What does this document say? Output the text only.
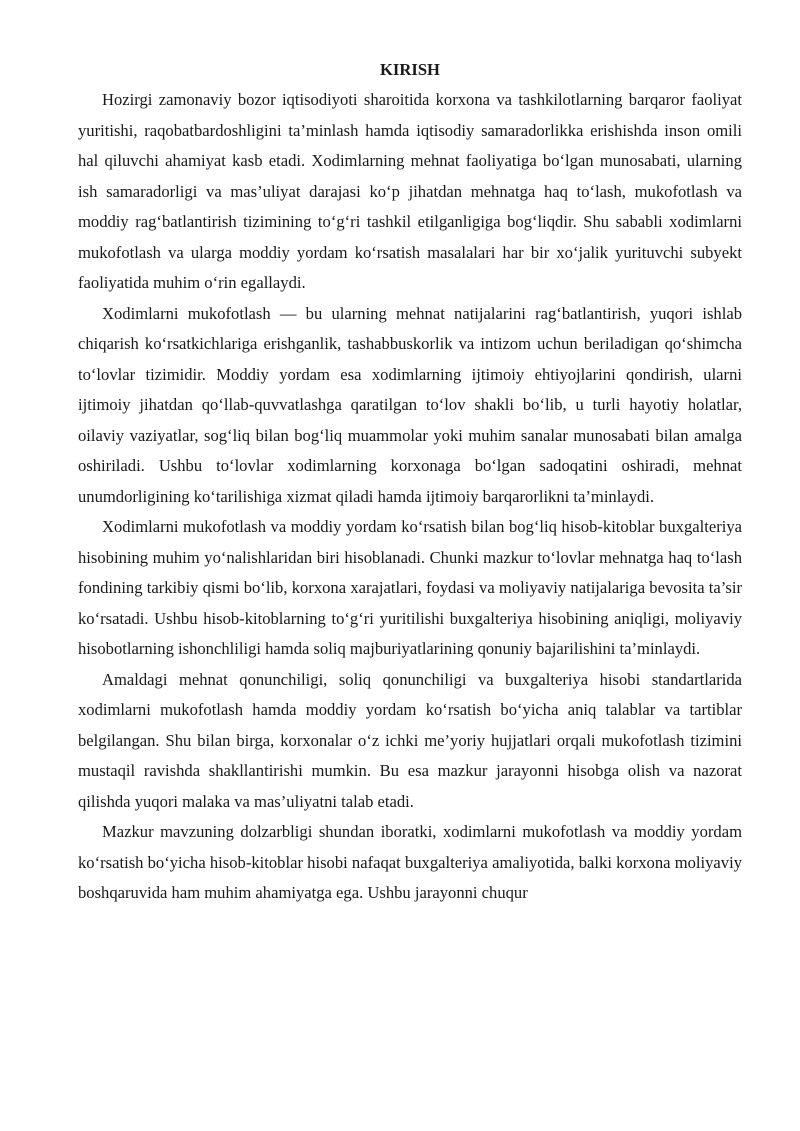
KIRISH

Hozirgi zamonaviy bozor iqtisodiyoti sharoitida korxona va tashkilotlarning barqaror faoliyat yuritishi, raqobatbardoshligini ta’minlash hamda iqtisodiy samaradorlikka erishishda inson omili hal qiluvchi ahamiyat kasb etadi. Xodimlarning mehnat faoliyatiga bo‘lgan munosabati, ularning ish samaradorligi va mas’uliyat darajasi ko‘p jihatdan mehnatga haq to‘lash, mukofotlash va moddiy rag‘batlantirish tizimining to‘g‘ri tashkil etilganligiga bog‘liqdir. Shu sababli xodimlarni mukofotlash va ularga moddiy yordam ko‘rsatish masalalari har bir xo‘jalik yurituvchi subyekt faoliyatida muhim o‘rin egallaydi.

Xodimlarni mukofotlash — bu ularning mehnat natijalarini rag‘batlantirish, yuqori ishlab chiqarish ko‘rsatkichlariga erishganlik, tashabbuskorlik va intizom uchun beriladigan qo‘shimcha to‘lovlar tizimidir. Moddiy yordam esa xodimlarning ijtimoiy ehtiyojlarini qondirish, ularni ijtimoiy jihatdan qo‘llab-quvvatlashga qaratilgan to‘lov shakli bo‘lib, u turli hayotiy holatlar, oilaviy vaziyatlar, sog‘liq bilan bog‘liq muammolar yoki muhim sanalar munosabati bilan amalga oshiriladi. Ushbu to‘lovlar xodimlarning korxonaga bo‘lgan sadoqatini oshiradi, mehnat unumdorligining ko‘tarilishiga xizmat qiladi hamda ijtimoiy barqarorlikni ta’minlaydi.

Xodimlarni mukofotlash va moddiy yordam ko‘rsatish bilan bog‘liq hisob-kitoblar buxgalteriya hisobining muhim yo‘nalishlaridan biri hisoblanadi. Chunki mazkur to‘lovlar mehnatga haq to‘lash fondining tarkibiy qismi bo‘lib, korxona xarajatlari, foydasi va moliyaviy natijalariga bevosita ta’sir ko‘rsatadi. Ushbu hisob-kitoblarning to‘g‘ri yuritilishi buxgalteriya hisobining aniqligi, moliyaviy hisobotlarning ishonchliligi hamda soliq majburiyatlarining qonuniy bajarilishini ta’minlaydi.

Amaldagi mehnat qonunchiligi, soliq qonunchiligi va buxgalteriya hisobi standartlarida xodimlarni mukofotlash hamda moddiy yordam ko‘rsatish bo‘yicha aniq talablar va tartiblar belgilangan. Shu bilan birga, korxonalar o‘z ichki me’yoriy hujjatlari orqali mukofotlash tizimini mustaqil ravishda shakllantirishi mumkin. Bu esa mazkur jarayonni hisobga olish va nazorat qilishda yuqori malaka va mas’uliyatni talab etadi.

Mazkur mavzuning dolzarbligi shundan iboratki, xodimlarni mukofotlash va moddiy yordam ko‘rsatish bo‘yicha hisob-kitoblar hisobi nafaqat buxgalteriya amaliyotida, balki korxona moliyaviy boshqaruvida ham muhim ahamiyatga ega. Ushbu jarayonni chuqur
